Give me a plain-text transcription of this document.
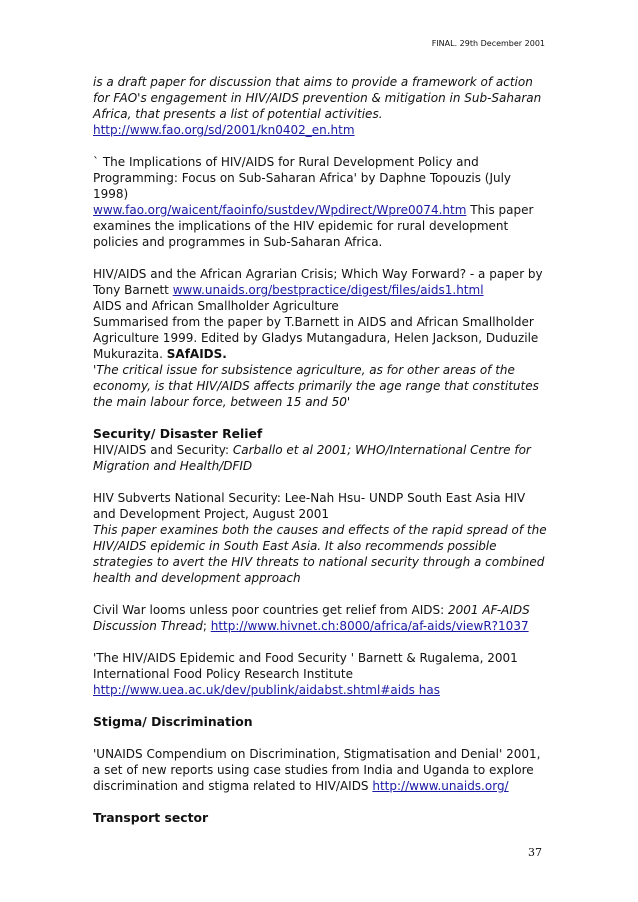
FINAL. 29th December 2001
is a draft paper for discussion that aims to provide a framework of action for FAO's engagement in HIV/AIDS prevention & mitigation in Sub-Saharan Africa, that presents a list of potential activities.
http://www.fao.org/sd/2001/kn0402_en.htm
` The Implications of HIV/AIDS for Rural Development Policy and Programming: Focus on Sub-Saharan Africa' by Daphne Topouzis (July 1998)
www.fao.org/waicent/faoinfo/sustdev/Wpdirect/Wpre0074.htm This paper examines the implications of the HIV epidemic for rural development policies and programmes in Sub-Saharan Africa.
HIV/AIDS and the African Agrarian Crisis; Which Way Forward? - a paper by Tony Barnett www.unaids.org/bestpractice/digest/files/aids1.html
AIDS and African Smallholder Agriculture
Summarised from the paper by T.Barnett in AIDS and African Smallholder Agriculture 1999. Edited by Gladys Mutangadura, Helen Jackson, Duduzile Mukurazita. SAfAIDS.
'The critical issue for subsistence agriculture, as for other areas of the economy, is that HIV/AIDS affects primarily the age range that constitutes the main labour force, between 15 and 50'
Security/ Disaster Relief
HIV/AIDS and Security: Carballo et al 2001; WHO/International Centre for Migration and Health/DFID
HIV Subverts National Security: Lee-Nah Hsu- UNDP South East Asia HIV and Development Project, August 2001
This paper examines both the causes and effects of the rapid spread of the HIV/AIDS epidemic in South East Asia. It also recommends possible strategies to avert the HIV threats to national security through a combined health and development approach
Civil War looms unless poor countries get relief from AIDS: 2001 AF-AIDS Discussion Thread; http://www.hivnet.ch:8000/africa/af-aids/viewR?1037
'The HIV/AIDS Epidemic and Food Security ' Barnett & Rugalema, 2001
International Food Policy Research Institute
http://www.uea.ac.uk/dev/publink/aidabst.shtml#aids has
Stigma/ Discrimination
'UNAIDS Compendium on Discrimination, Stigmatisation and Denial' 2001, a set of new reports using case studies from India and Uganda to explore discrimination and stigma related to HIV/AIDS http://www.unaids.org/
Transport sector
37
